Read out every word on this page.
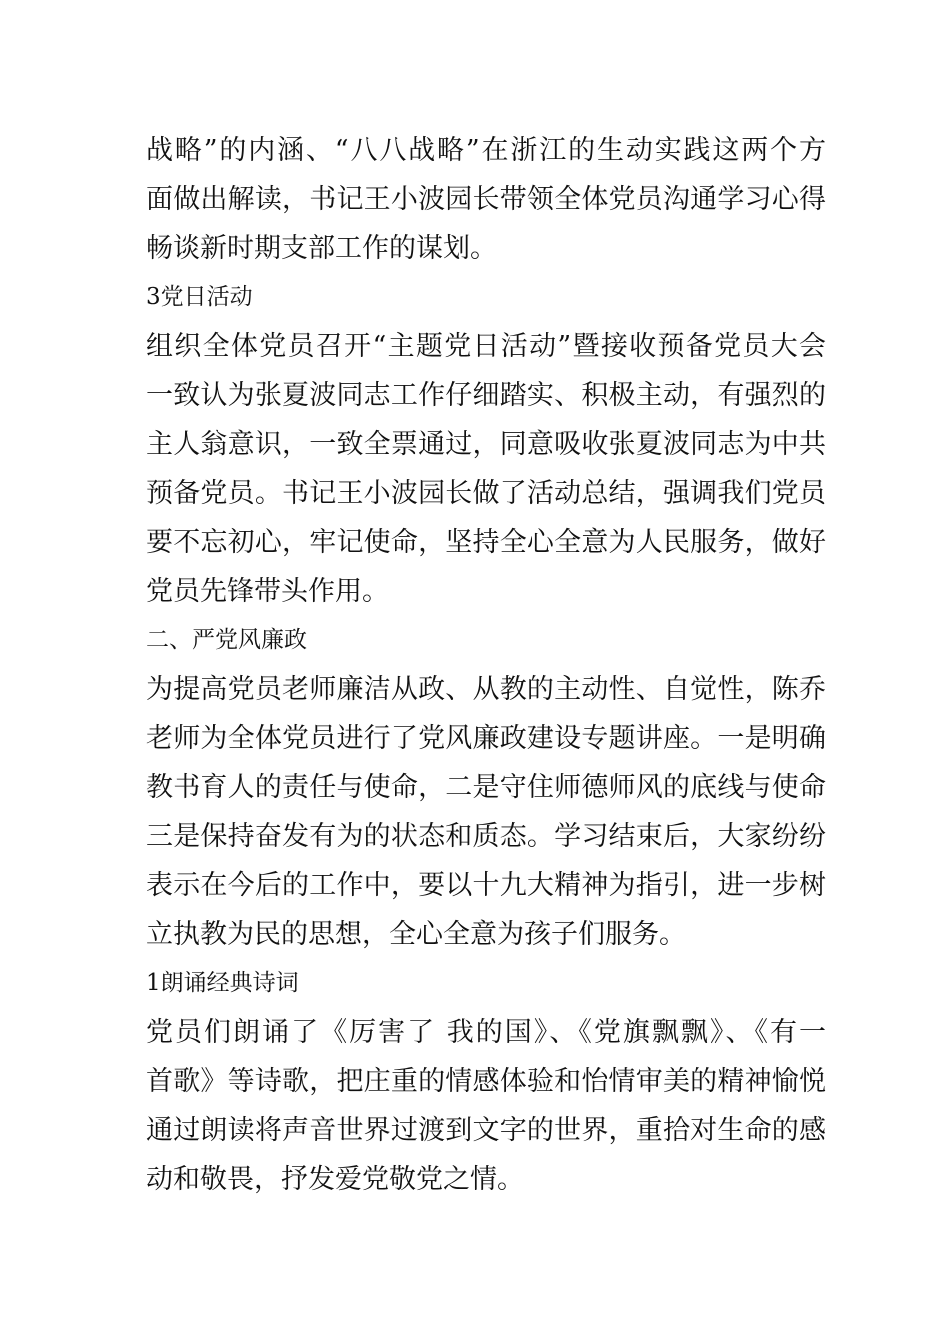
战略”的内涵、“八八战略”在浙江的生动实践这两个方
面做出解读，书记王小波园长带领全体党员沟通学习心得
畅谈新时期支部工作的谋划。
3党日活动
组织全体党员召开“主题党日活动”暨接收预备党员大会
一致认为张夏波同志工作仔细踏实、积极主动，有强烈的
主人翁意识，一致全票通过，同意吸收张夏波同志为中共
预备党员。书记王小波园长做了活动总结，强调我们党员
要不忘初心，牢记使命，坚持全心全意为人民服务，做好
党员先锋带头作用。
二、严党风廉政
为提高党员老师廉洁从政、从教的主动性、自觉性，陈乔
老师为全体党员进行了党风廉政建设专题讲座。一是明确
教书育人的责任与使命，二是守住师德师风的底线与使命
三是保持奋发有为的状态和质态。学习结束后，大家纷纷
表示在今后的工作中，要以十九大精神为指引，进一步树
立执教为民的思想，全心全意为孩子们服务。
1朗诵经典诗词
党员们朗诵了《厉害了 我的国》、《党旗飘飘》、《有一
首歌》等诗歌，把庄重的情感体验和怡情审美的精神愉悦
通过朗读将声音世界过渡到文字的世界，重拾对生命的感
动和敬畏，抒发爱党敬党之情。
